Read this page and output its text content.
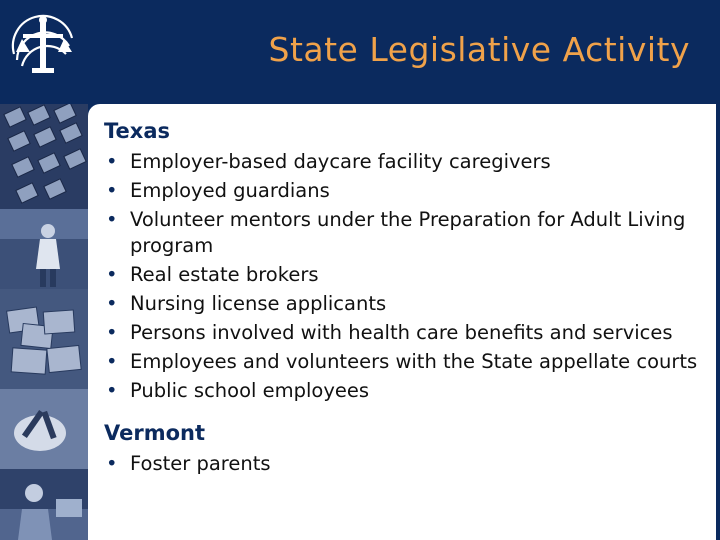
State Legislative Activity
Texas
• Employer-based daycare facility caregivers
• Employed guardians
• Volunteer mentors under the Preparation for Adult Living program
• Real estate brokers
• Nursing license applicants
• Persons involved with health care benefits and services
• Employees and volunteers with the State appellate courts
• Public school employees
Vermont
• Foster parents
